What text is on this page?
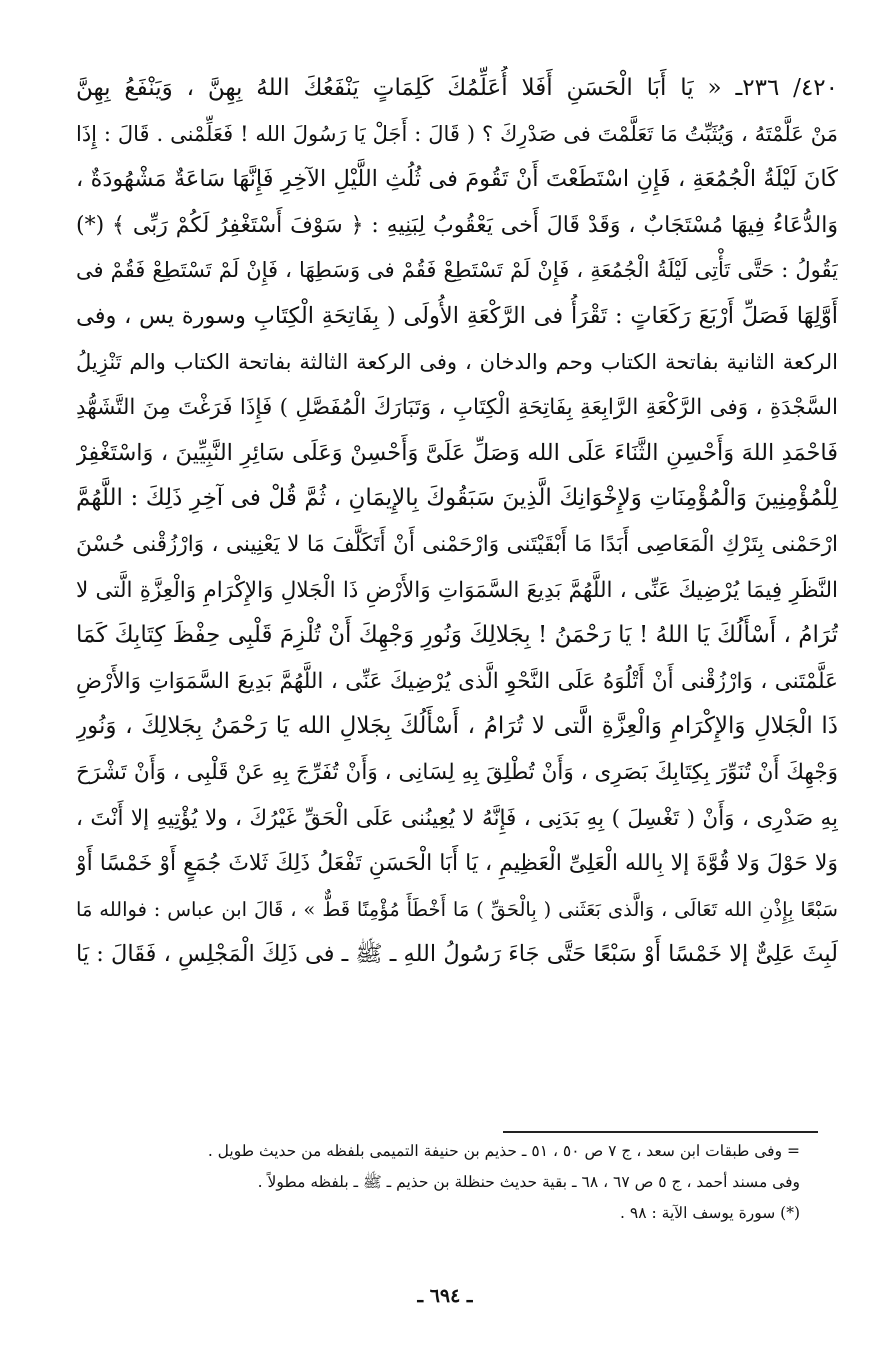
٤٢٠/ ٢٣٦ـ « يَا أَبَا الْحَسَنِ أَفَلا أُعَلِّمُكَ كَلِمَاتٍ يَنْفَعُكَ اللهُ بِهِنَّ ، وَيَنْفَعُ بِهِنَّ
مَنْ عَلَّمْتَهُ ، وَيُثَبِّتُ مَا تَعَلَّمْتَ فى صَدْرِكَ ؟ ( قَالَ : أَجَلْ يَا رَسُولَ الله ! فَعَلِّمْنى . قَالَ : إِذَا
كَانَ لَيْلَةُ الْجُمُعَةِ ، فَإِنِ اسْتَطَعْتَ أَنْ تَقُومَ فى ثُلُثِ اللَّيْلِ الآخِرِ فَإِنَّهَا سَاعَةٌ مَشْهُودَةٌ ،
وَالدُّعَاءُ فِيهَا مُسْتَجَابٌ ، وَقَدْ قَالَ أَخى يَعْقُوبُ لِبَنِيهِ : ﴿ سَوْفَ أَسْتَغْفِرُ لَكُمْ رَبِّى ﴾ (*)
يَقُولُ : حَتَّى تَأْتِى لَيْلَةُ الْجُمُعَةِ ، فَإِنْ لَمْ تَسْتَطِعْ فَقُمْ فى وَسَطِهَا ، فَإِنْ لَمْ تَسْتَطِعْ فَقُمْ فى
أَوَّلِهَا فَصَلِّ أَرْبَعَ رَكَعَاتٍ : تَقْرَأُ فى الرَّكْعَةِ الأُولَى ( بِفَاتِحَةِ الْكِتَابِ وسورة يس ، وفى
الركعة الثانية بفاتحة الكتاب وحم والدخان ، وفى الركعة الثالثة بفاتحة الكتاب والم تَنْزِيلُ
السَّجْدَةِ ، وَفى الرَّكْعَةِ الرَّابِعَةِ بِفَاتِحَةِ الْكِتَابِ ، وَتَبَارَكَ الْمُفَصَّلِ ) فَإِذَا فَرَغْتَ مِنَ التَّشَهُّدِ
فَاحْمَدِ اللهَ وَأَحْسِنِ الثَّنَاءَ عَلَى الله وَصَلِّ عَلَىَّ وَأَحْسِنْ وَعَلَى سَائِرِ النَّبِيِّينَ ، وَاسْتَغْفِرْ
لِلْمُؤْمِنِينَ وَالْمُؤْمِنَاتِ وَلإِخْوَانِكَ الَّذِينَ سَبَقُوكَ بِالإِيمَانِ ، ثُمَّ قُلْ فى آخِرِ ذَلِكَ : اللَّهُمَّ
ارْحَمْنى بِتَرْكِ الْمَعَاصِى أَبَدًا مَا أَبْقَيْتَنى وَارْحَمْنى أَنْ أَتَكَلَّفَ مَا لا يَعْنِينى ، وَارْزُقْنى حُسْنَ
النَّظَرِ فِيمَا يُرْضِيكَ عَنِّى ، اللَّهُمَّ بَدِيعَ السَّمَوَاتِ وَالأَرْضِ ذَا الْجَلالِ وَالإِكْرَامِ وَالْعِزَّةِ الَّتى لا
تُرَامُ ، أَسْأَلُكَ يَا اللهُ ! يَا رَحْمَنُ ! بِجَلالِكَ وَنُورِ وَجْهِكَ أَنْ تُلْزِمَ قَلْبِى حِفْظَ كِتَابِكَ كَمَا
عَلَّمْتَنى ، وَارْزُقْنى أَنْ أَتْلُوَهُ عَلَى النَّحْوِ الَّذى يُرْضِيكَ عَنِّى ، اللَّهُمَّ بَدِيعَ السَّمَوَاتِ وَالأَرْضِ
ذَا الْجَلالِ وَالإِكْرَامِ وَالْعِزَّةِ الَّتى لا تُرَامُ ، أَسْأَلُكَ بِجَلالِ الله يَا رَحْمَنُ بِجَلالِكَ ، وَنُورِ
وَجْهِكَ أَنْ تُنَوِّرَ بِكِتَابِكَ بَصَرِى ، وَأَنْ تُطْلِقَ بِهِ لِسَانِى ، وَأَنْ تُفَرِّجَ بِهِ عَنْ قَلْبِى ، وَأَنْ تَشْرَحَ
بِهِ صَدْرِى ، وَأَنْ ( تَغْسِلَ ) بِهِ بَدَنِى ، فَإِنَّهُ لا يُعِينُنى عَلَى الْحَقِّ غَيْرُكَ ، ولا يُؤْتِيهِ إلا أَنْتَ ،
وَلا حَوْلَ وَلا قُوَّةَ إلا بِالله الْعَلِىِّ الْعَظِيمِ ، يَا أَبَا الْحَسَنِ تَفْعَلُ ذَلِكَ ثَلاثَ جُمَعٍ أَوْ خَمْسًا أَوْ
سَبْعًا بِإِذْنِ الله تَعَالَى ، وَالَّذى بَعَثَنى ( بِالْحَقِّ ) مَا أَخْطَأَ مُؤْمِنًا قَطٌّ » ، قَالَ ابن عباس : فوالله مَا
لَبِثَ عَلِىٌّ إلا خَمْسًا أَوْ سَبْعًا حَتَّى جَاءَ رَسُولُ اللهِ ـ ﷺ ـ فى ذَلِكَ الْمَجْلِسِ ، فَقَالَ : يَا
= وفى طبقات ابن سعد ، ج ٧ ص ٥٠ ، ٥١ ـ حذيم بن حنيفة التميمى بلفظه من حديث طويل .
وفى مسند أحمد ، ج ٥ ص ٦٧ ، ٦٨ ـ بقية حديث حنظلة بن حذيم ـ ﷺ ـ بلفظه مطولاً .
(*) سورة يوسف الآية : ٩٨ .
ـ ٦٩٤ ـ
